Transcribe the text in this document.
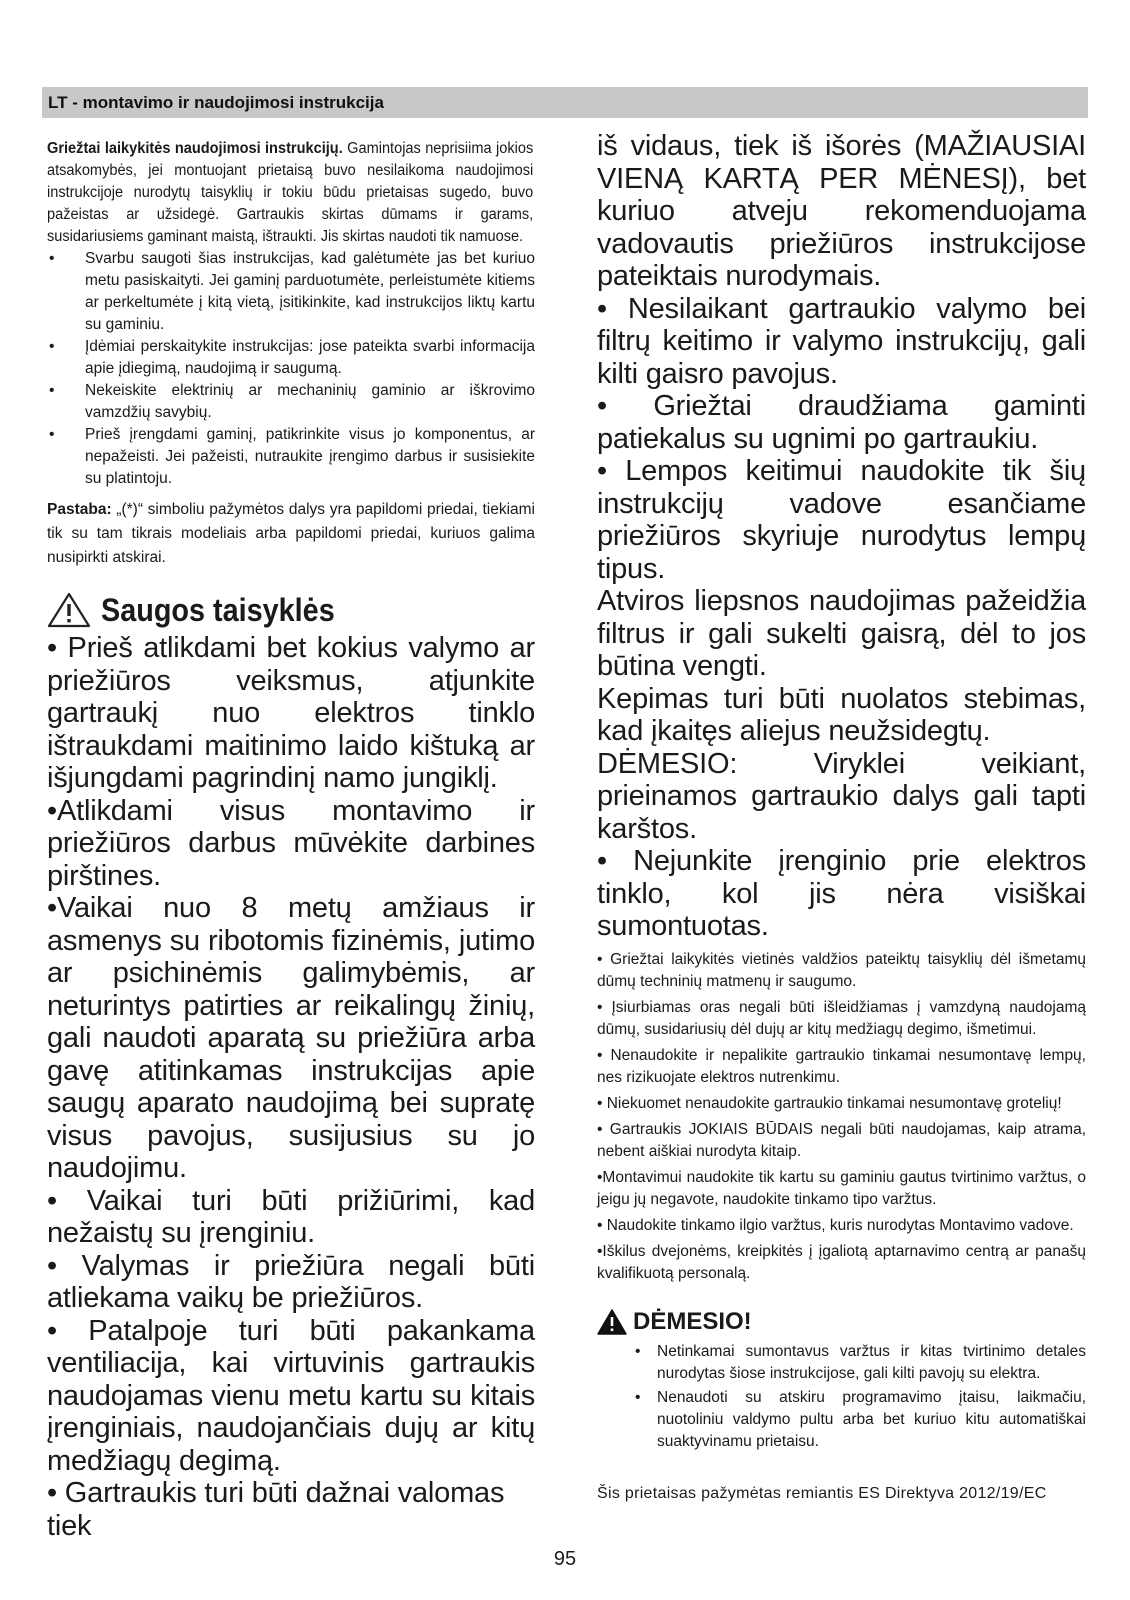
LT - montavimo ir naudojimosi instrukcija

Griežtai laikykitės naudojimosi instrukcijų. Gamintojas neprisiima jokios atsakomybės, jei montuojant prietaisą buvo nesilaikoma naudojimosi instrukcijoje nurodytų taisyklių ir tokiu būdu prietaisas sugedo, buvo pažeistas ar užsidegė. Gartraukis skirtas dūmams ir garams, susidariusiems gaminant maistą, ištraukti. Jis skirtas naudoti tik namuose.

• Svarbu saugoti šias instrukcijas, kad galėtumėte jas bet kuriuo metu pasiskaityti. Jei gaminį parduotumėte, perleistumėte kitiems ar perkeltumėte į kitą vietą, įsitikinkite, kad instrukcijos liktų kartu su gaminiu.
• Įdėmiai perskaitykite instrukcijas: jose pateikta svarbi informacija apie įdiegimą, naudojimą ir saugumą.
• Nekeiskite elektrinių ar mechaninių gaminio ar iškrovimo vamzdžių savybių.
• Prieš įrengdami gaminį, patikrinkite visus jo komponentus, ar nepažeisti. Jei pažeisti, nutraukite įrengimo darbus ir susisiekite su platintoju.

Pastaba: „(*)“ simboliu pažymėtos dalys yra papildomi priedai, tiekiami tik su tam tikrais modeliais arba papildomi priedai, kuriuos galima nusipirkti atskirai.

Saugos taisyklės

• Prieš atlikdami bet kokius valymo ar priežiūros veiksmus, atjunkite gartraukį nuo elektros tinklo ištraukdami maitinimo laido kištuką ar išjungdami pagrindinį namo jungiklį.

•Atlikdami visus montavimo ir priežiūros darbus mūvėkite darbines pirštines.

•Vaikai nuo 8 metų amžiaus ir asmenys su ribotomis fizinėmis, jutimo ar psichinėmis galimybėmis, ar neturintys patirties ar reikalingų žinių, gali naudoti aparatą su priežiūra arba gavę atitinkamas instrukcijas apie saugų aparato naudojimą bei supratę visus pavojus, susijusius su jo naudojimu.

• Vaikai turi būti prižiūrimi, kad nežaistų su įrenginiu.

• Valymas ir priežiūra negali būti atliekama vaikų be priežiūros.

• Patalpoje turi būti pakankama ventiliacija, kai virtuvinis gartraukis naudojamas vienu metu kartu su kitais įrenginiais, naudojančiais dujų ar kitų medžiagų degimą.

• Gartraukis turi būti dažnai valomas tiek

iš vidaus, tiek iš išorės (MAŽIAUSIAI VIENĄ KARTĄ PER MĖNESĮ), bet kuriuo atveju rekomenduojama vadovautis priežiūros instrukcijose pateiktais nurodymais.

• Nesilaikant gartraukio valymo bei filtrų keitimo ir valymo instrukcijų, gali kilti gaisro pavojus.

• Griežtai draudžiama gaminti patiekalus su ugnimi po gartraukiu.

• Lempos keitimui naudokite tik šių instrukcijų vadove esančiame priežiūros skyriuje nurodytus lempų tipus.

Atviros liepsnos naudojimas pažeidžia filtrus ir gali sukelti gaisrą, dėl to jos būtina vengti.

Kepimas turi būti nuolatos stebimas, kad įkaitęs aliejus neužsidegtų.

DĖMESIO: Viryklei veikiant, prieinamos gartraukio dalys gali tapti karštos.

• Nejunkite įrenginio prie elektros tinklo, kol jis nėra visiškai sumontuotas.

• Griežtai laikykitės vietinės valdžios pateiktų taisyklių dėl išmetamų dūmų techninių matmenų ir saugumo.

• Įsiurbiamas oras negali būti išleidžiamas į vamzdyną naudojamą dūmų, susidariusių dėl dujų ar kitų medžiagų degimo, išmetimui.

• Nenaudokite ir nepalikite gartraukio tinkamai nesumontavę lempų, nes rizikuojate elektros nutrenkimu.

• Niekuomet nenaudokite gartraukio tinkamai nesumontavę grotelių!

• Gartraukis JOKIAIS BŪDAIS negali būti naudojamas, kaip atrama, nebent aiškiai nurodyta kitaip.

•Montavimui naudokite tik kartu su gaminiu gautus tvirtinimo varžtus, o jeigu jų negavote, naudokite tinkamo tipo varžtus.

• Naudokite tinkamo ilgio varžtus, kuris nurodytas Montavimo vadove.

•Iškilus dvejonėms, kreipkitės į įgaliotą aptarnavimo centrą ar panašų kvalifikuotą personalą.

DĖMESIO!
• Netinkamai sumontavus varžtus ir kitas tvirtinimo detales nurodytas šiose instrukcijose, gali kilti pavojų su elektra.
• Nenaudoti su atskiru programavimo įtaisu, laikmačiu, nuotoliniu valdymo pultu arba bet kuriuo kitu automatiškai suaktyvinamu prietaisu.
Šis prietaisas pažymėtas remiantis ES Direktyva 2012/19/EC
95
